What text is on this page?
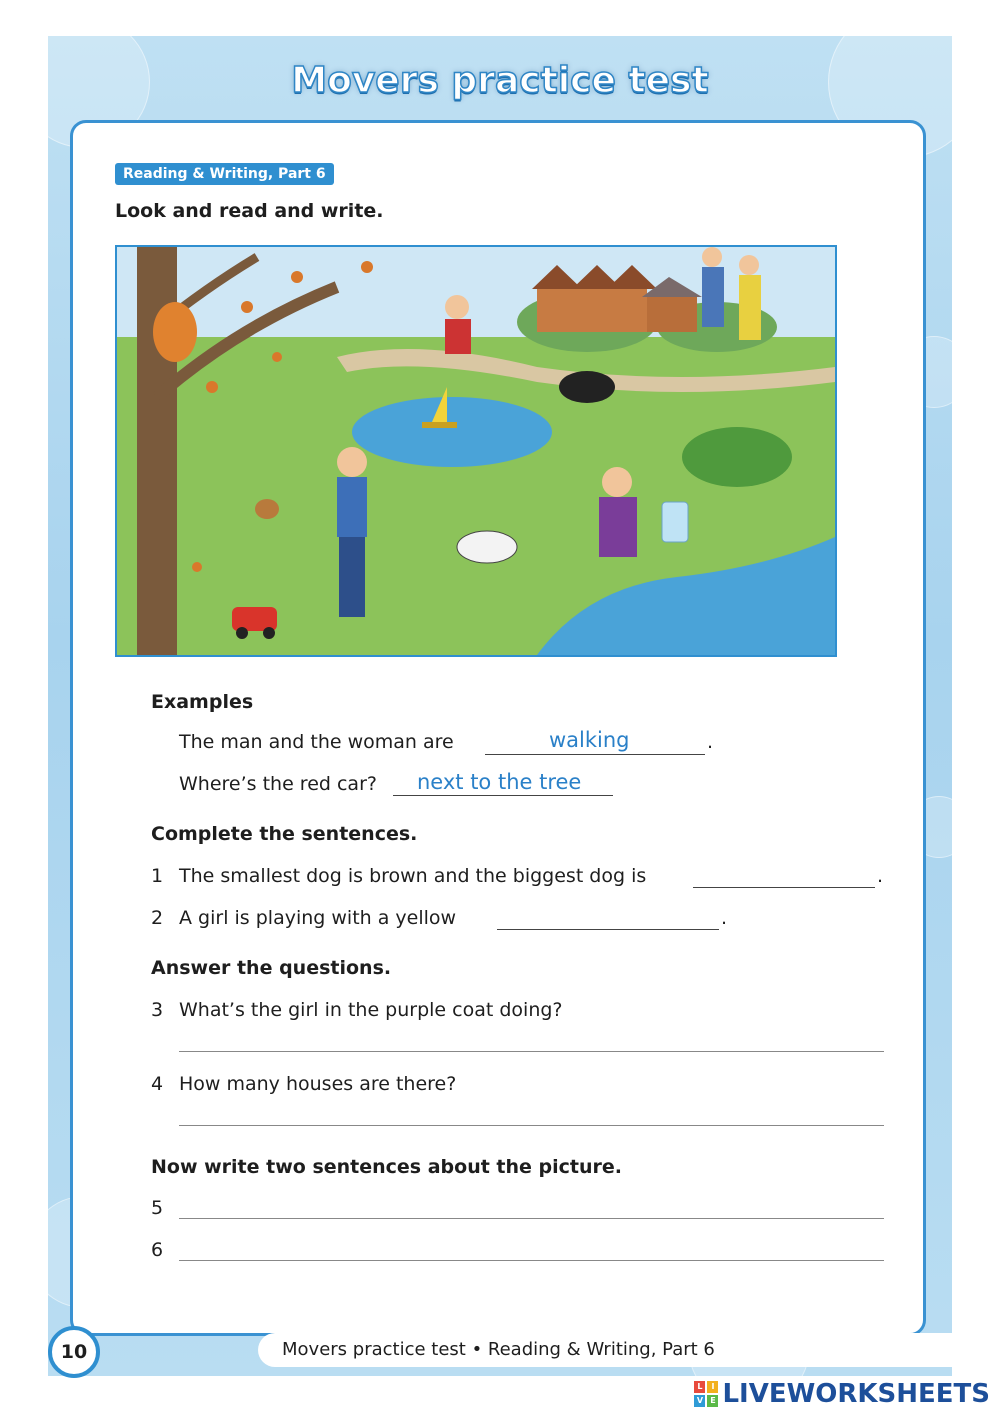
Movers practice test
Reading & Writing, Part 6
Look and read and write.
Examples
The man and the woman are	walking	.
Where’s the red car? next to the tree
Complete the sentences.
1 The smallest dog is brown and the biggest dog is	.
2 A girl is playing with a yellow	.
Answer the questions.
3 What’s the girl in the purple coat doing?
4 How many houses are there?
Now write two sentences about the picture.
5
6
10	Movers practice test • Reading & Writing, Part 6
L	I
V E LIVEWORKSHEETS
